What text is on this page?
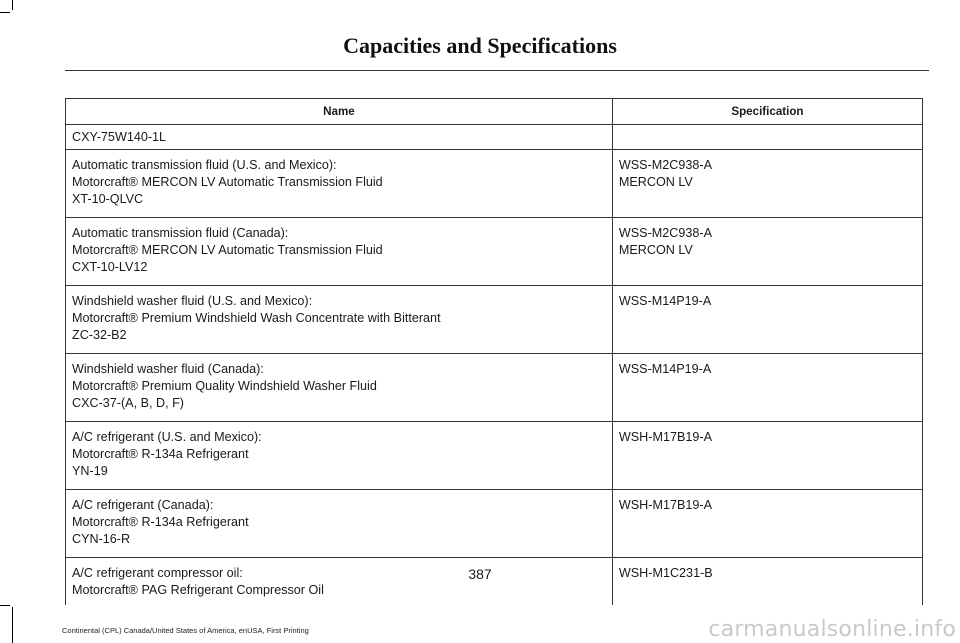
Capacities and Specifications
Name	Specification

CXY-75W140-1L	

Automatic transmission fluid (U.S. and Mexico):
Motorcraft® MERCON LV Automatic Transmission Fluid
XT-10-QLVC	WSS-M2C938-A
MERCON LV

Automatic transmission fluid (Canada):
Motorcraft® MERCON LV Automatic Transmission Fluid
CXT-10-LV12	WSS-M2C938-A
MERCON LV

Windshield washer fluid (U.S. and Mexico):
Motorcraft® Premium Windshield Wash Concentrate with Bitterant
ZC-32-B2	WSS-M14P19-A

Windshield washer fluid (Canada):
Motorcraft® Premium Quality Windshield Washer Fluid
CXC-37-(A, B, D, F)	WSS-M14P19-A

A/C refrigerant (U.S. and Mexico):
Motorcraft® R-134a Refrigerant
YN-19	WSH-M17B19-A

A/C refrigerant (Canada):
Motorcraft® R-134a Refrigerant
CYN-16-R	WSH-M17B19-A

A/C refrigerant compressor oil:
Motorcraft® PAG Refrigerant Compressor Oil	WSH-M1C231-B
387
Continental (CPL) Canada/United States of America, enUSA, First Printing	carmanualsonline.info
